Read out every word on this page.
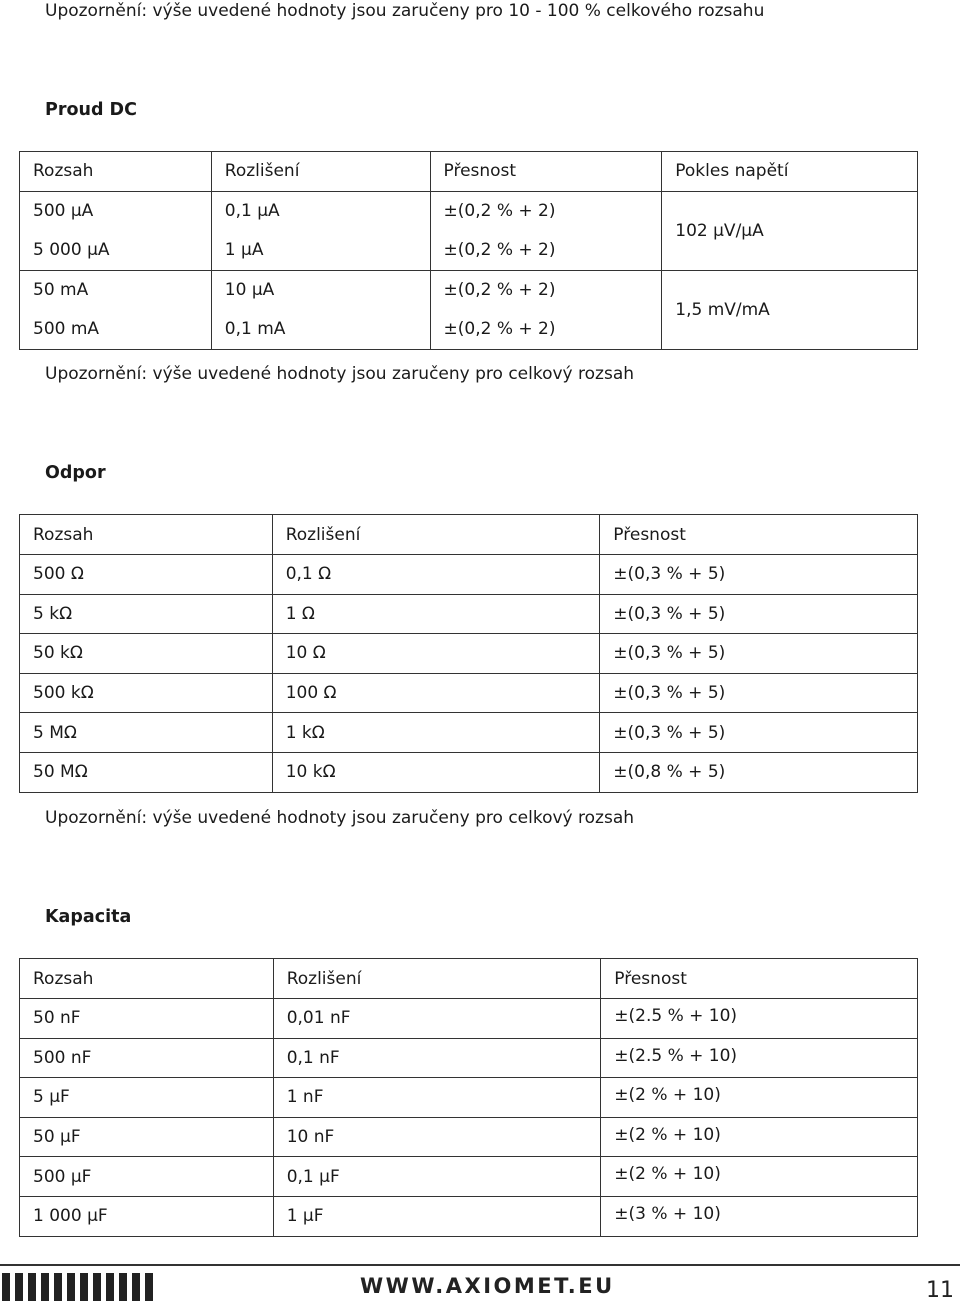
Upozornění: výše uvedené hodnoty jsou zaručeny pro 10 - 100 % celkového rozsahu
Proud DC
Rozsah	Rozlišení	Přesnost	Pokles napětí
500 µA	0,1 µA	±(0,2 % + 2)	102 µV/µA
5 000 µA	1 µA	±(0,2 % + 2)	
50 mA	10 µA	±(0,2 % + 2)	1,5 mV/mA
500 mA	0,1 mA	±(0,2 % + 2)	
Upozornění: výše uvedené hodnoty jsou zaručeny pro celkový rozsah
Odpor
Rozsah	Rozlišení	Přesnost
500 Ω	0,1 Ω	±(0,3 % + 5)
5 kΩ	1 Ω	±(0,3 % + 5)
50 kΩ	10 Ω	±(0,3 % + 5)
500 kΩ	100 Ω	±(0,3 % + 5)
5 MΩ	1 kΩ	±(0,3 % + 5)
50 MΩ	10 kΩ	±(0,8 % + 5)
Upozornění: výše uvedené hodnoty jsou zaručeny pro celkový rozsah
Kapacita
Rozsah	Rozlišení	Přesnost
50 nF	0,01 nF	±(2.5 % + 10)
500 nF	0,1 nF	±(2.5 % + 10)
5 µF	1 nF	±(2 % + 10)
50 µF	10 nF	±(2 % + 10)
500 µF	0,1 µF	±(2 % + 10)
1 000 µF	1 µF	±(3 % + 10)
WWW.AXIOMET.EU	11
